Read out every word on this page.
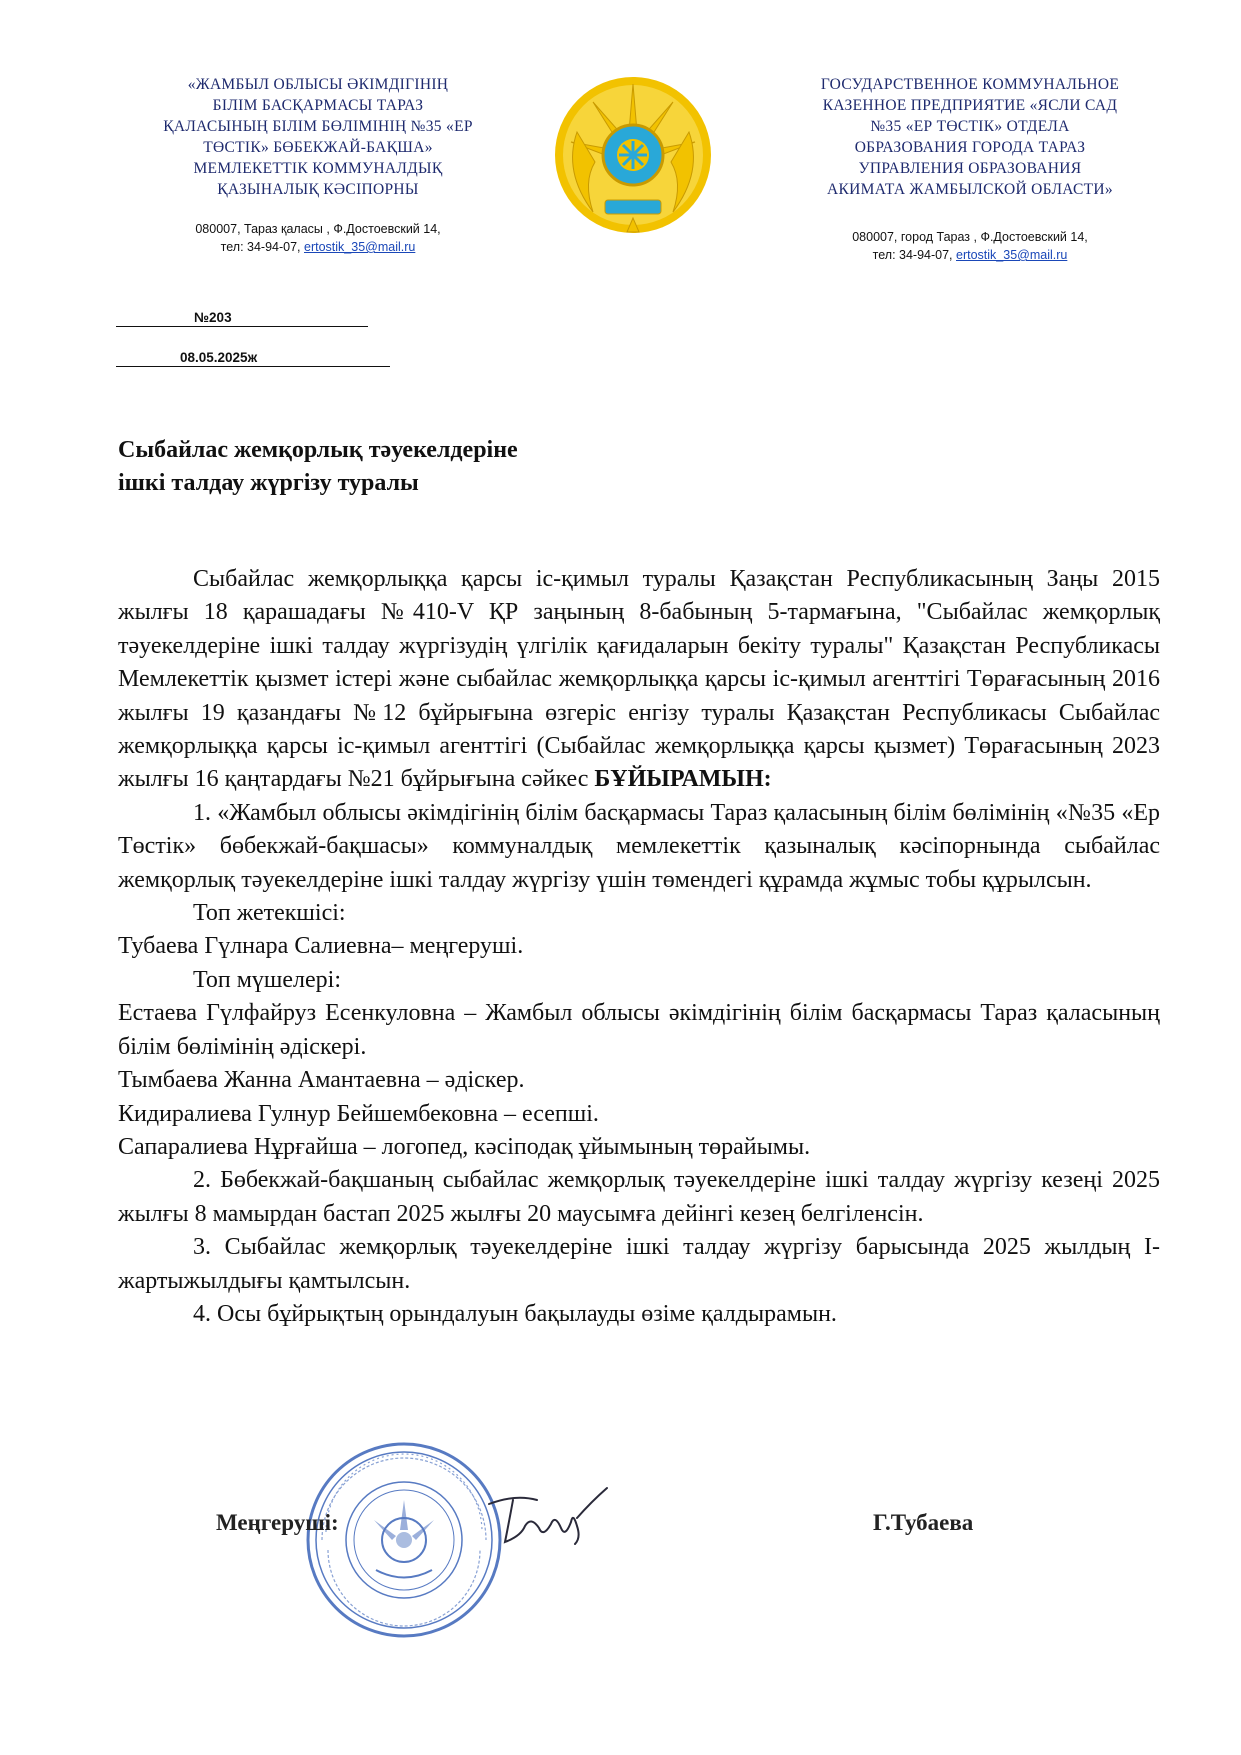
«ЖАМБЫЛ ОБЛЫСЫ ӘКІМДІГІНІҢ
БІЛІМ БАСҚАРМАСЫ ТАРАЗ
ҚАЛАСЫНЫҢ БІЛІМ БӨЛІМІНІҢ №35 «ЕР
ТӨСТІК» БӨБЕКЖАЙ-БАҚША»
МЕМЛЕКЕТТІК КОММУНАЛДЫҚ
ҚАЗЫНАЛЫҚ КӘСІПОРНЫ
080007, Тараз қаласы , Ф.Достоевский 14,
тел: 34-94-07, ertostik_35@mail.ru
ГОСУДАРСТВЕННОЕ КОММУНАЛЬНОЕ
КАЗЕННОЕ ПРЕДПРИЯТИЕ «ЯСЛИ САД
№35 «ЕР ТӨСТІК» ОТДЕЛА
ОБРАЗОВАНИЯ ГОРОДА ТАРАЗ
УПРАВЛЕНИЯ ОБРАЗОВАНИЯ
АКИМАТА ЖАМБЫЛСКОЙ ОБЛАСТИ»
080007, город Тараз , Ф.Достоевский 14,
тел: 34-94-07, ertostik_35@mail.ru
№203
08.05.2025ж
Сыбайлас жемқорлық тәуекелдеріне
ішкі талдау жүргізу туралы

Сыбайлас жемқорлыққа қарсы іс-қимыл туралы Қазақстан Республикасының Заңы 2015 жылғы 18 қарашадағы №410-V ҚР заңының 8-бабының 5-тармағына, "Сыбайлас жемқорлық тәуекелдеріне ішкі талдау жүргізудің үлгілік қағидаларын бекіту туралы" Қазақстан Республикасы Мемлекеттік қызмет істері және сыбайлас жемқорлыққа қарсы іс-қимыл агенттігі Төрағасының 2016 жылғы 19 қазандағы №12 бұйрығына өзгеріс енгізу туралы Қазақстан Республикасы Сыбайлас жемқорлыққа қарсы іс-қимыл агенттігі (Сыбайлас жемқорлыққа қарсы қызмет) Төрағасының 2023 жылғы 16 қаңтардағы №21 бұйрығына сәйкес БҰЙЫРАМЫН:

1. «Жамбыл облысы әкімдігінің білім басқармасы Тараз қаласының білім бөлімінің «№35 «Ер Төстік» бөбекжай-бақшасы» коммуналдық мемлекеттік қазыналық кәсіпорнында сыбайлас жемқорлық тәуекелдеріне ішкі талдау жүргізу үшін төмендегі құрамда жұмыс тобы құрылсын.

Топ жетекшісі:

Тубаева Гүлнара Салиевна– меңгеруші.

Топ мүшелері:

Естаева Гүлфайруз Есенкуловна – Жамбыл облысы әкімдігінің білім басқармасы Тараз қаласының білім бөлімінің әдіскері.

Тымбаева Жанна Амантаевна – әдіскер.

Кидиралиева Гулнур Бейшембековна – есепші.

Сапаралиева Нұрғайша – логопед, кәсіподақ ұйымының төрайымы.

2. Бөбекжай-бақшаның сыбайлас жемқорлық тәуекелдеріне ішкі талдау жүргізу кезеңі 2025 жылғы 8 мамырдан бастап 2025 жылғы 20 маусымға дейінгі кезең белгіленсін.

3. Сыбайлас жемқорлық тәуекелдеріне ішкі талдау жүргізу барысында 2025 жылдың І-жартыжылдығы қамтылсын.

4. Осы бұйрықтың орындалуын бақылауды өзіме қалдырамын.

Меңгеруші:	Г.Тубаева
